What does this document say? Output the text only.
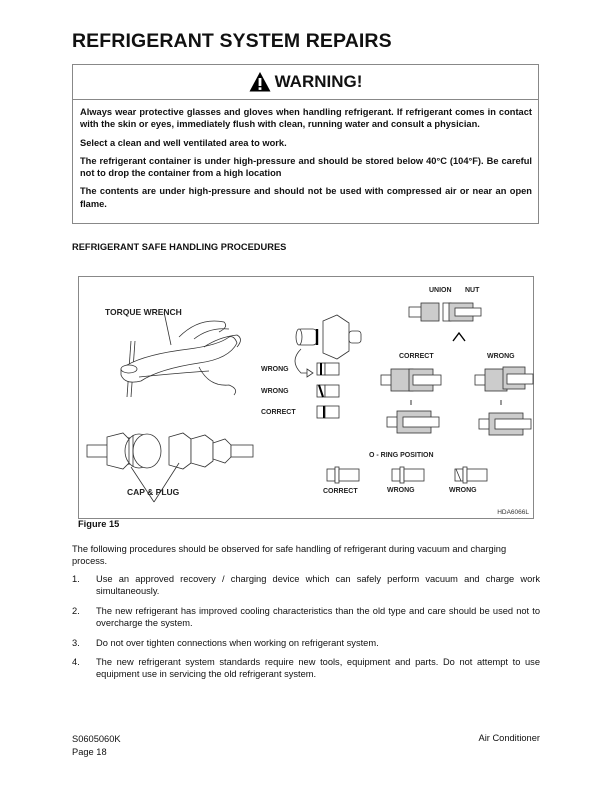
REFRIGERANT SYSTEM REPAIRS
WARNING!

Always wear protective glasses and gloves when handling refrigerant. If refrigerant comes in contact with the skin or eyes, immediately flush with clean, running water and consult a physician.

Select a clean and well ventilated area to work.

The refrigerant container is under high-pressure and should be stored below 40°C (104°F). Be careful not to drop the container from a high location

The contents are under high-pressure and should not be used with compressed air or near an open flame.

REFRIGERANT SAFE HANDLING PROCEDURES
TORQUE WRENCH
CAP & PLUG
UNION NUT
WRONG
WRONG
CORRECT
CORRECT	WRONG
O - RING POSITION
CORRECT	WRONG	WRONG
HDA6066L
Figure 15

The following procedures should be observed for safe handling of refrigerant during vacuum and charging process.

1.	Use an approved recovery / charging device which can safely perform vacuum and charge work simultaneously.
2.	The new refrigerant has improved cooling characteristics than the old type and care should be used not to overcharge the system.
3.	Do not over tighten connections when working on refrigerant system.
4.	The new refrigerant system standards require new tools, equipment and parts. Do not attempt to use equipment use in servicing the old refrigerant system.
S0605060K
Page 18
Air Conditioner
